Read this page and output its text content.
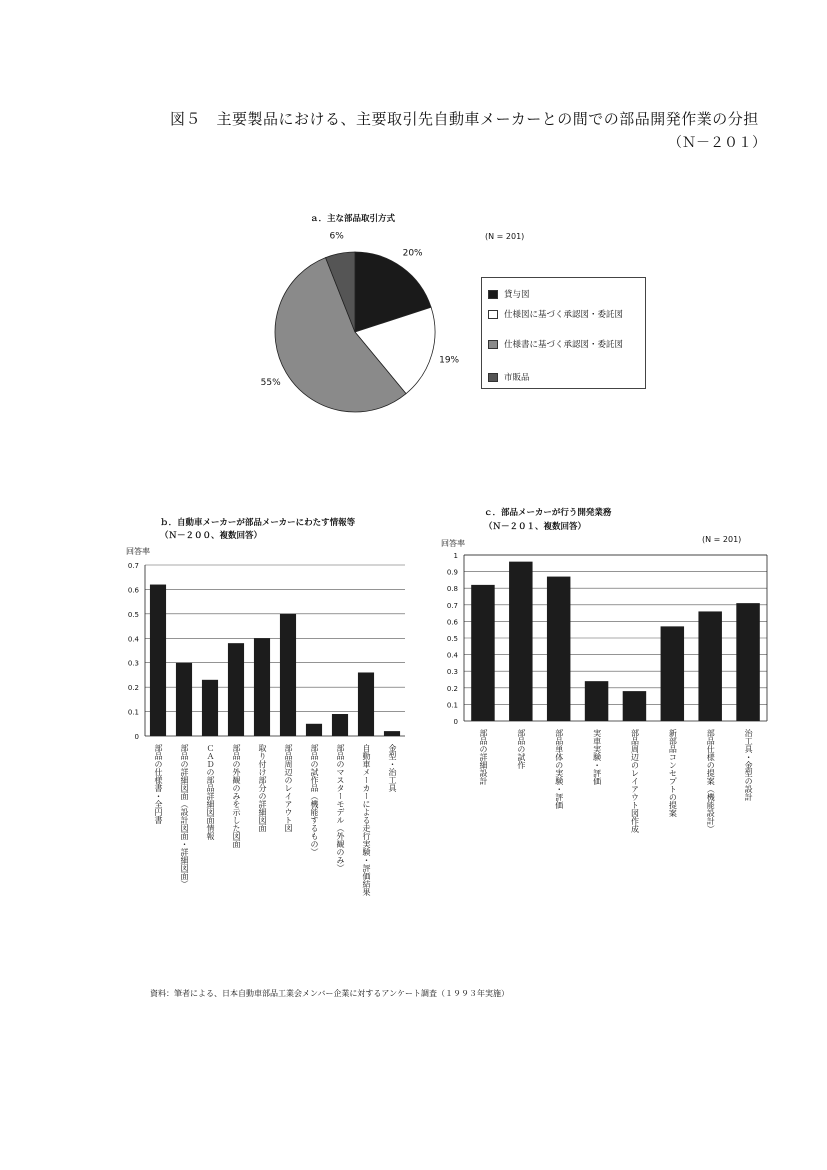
図５　主要製品における、主要取引先自動車メーカーとの間での部品開発作業の分担
（Ｎ－２０１）
ａ．主な部品取引方式
(N = 201)
20%
19%
55%
6%
貸与図
仕様図に基づく承認図・委託図
仕様書に基づく承認図・委託図
市販品
ｂ．自動車メーカーが部品メーカーにわたす情報等
（Ｎ－２００、複数回答）
回答率
0
0.1
0.2
0.3
0.4
0.5
0.6
0.7
部品の仕様書・全円書 部品の詳細図面（設計図面・詳細図面） ＣＡＤの部品詳細図面情報 部品の外観のみを示した図面 取り付け部分の詳細図面 部品周辺のレイアウト図 部品の試作品（機能するもの） 部品のマスターモデル（外観のみ） 自動車メーカーによる走行実験・評価結果 金型・治工具
ｃ．部品メーカーが行う開発業務
（Ｎ－２０１、複数回答）
回答率	(N = 201)
0
0.1
0.2
0.3
0.4
0.5
0.6
0.7
0.8
0.9
1
部品の詳細設計	部品の試作	部品単体の実験・評価	実車実験・評価	部品周辺のレイアウト図作成	新部品コンセプトの提案	部品仕様の提案（機能設計）	治工具・金型の設計
資料：筆者による、日本自動車部品工業会メンバー企業に対するアンケート調査（１９９３年実施）
